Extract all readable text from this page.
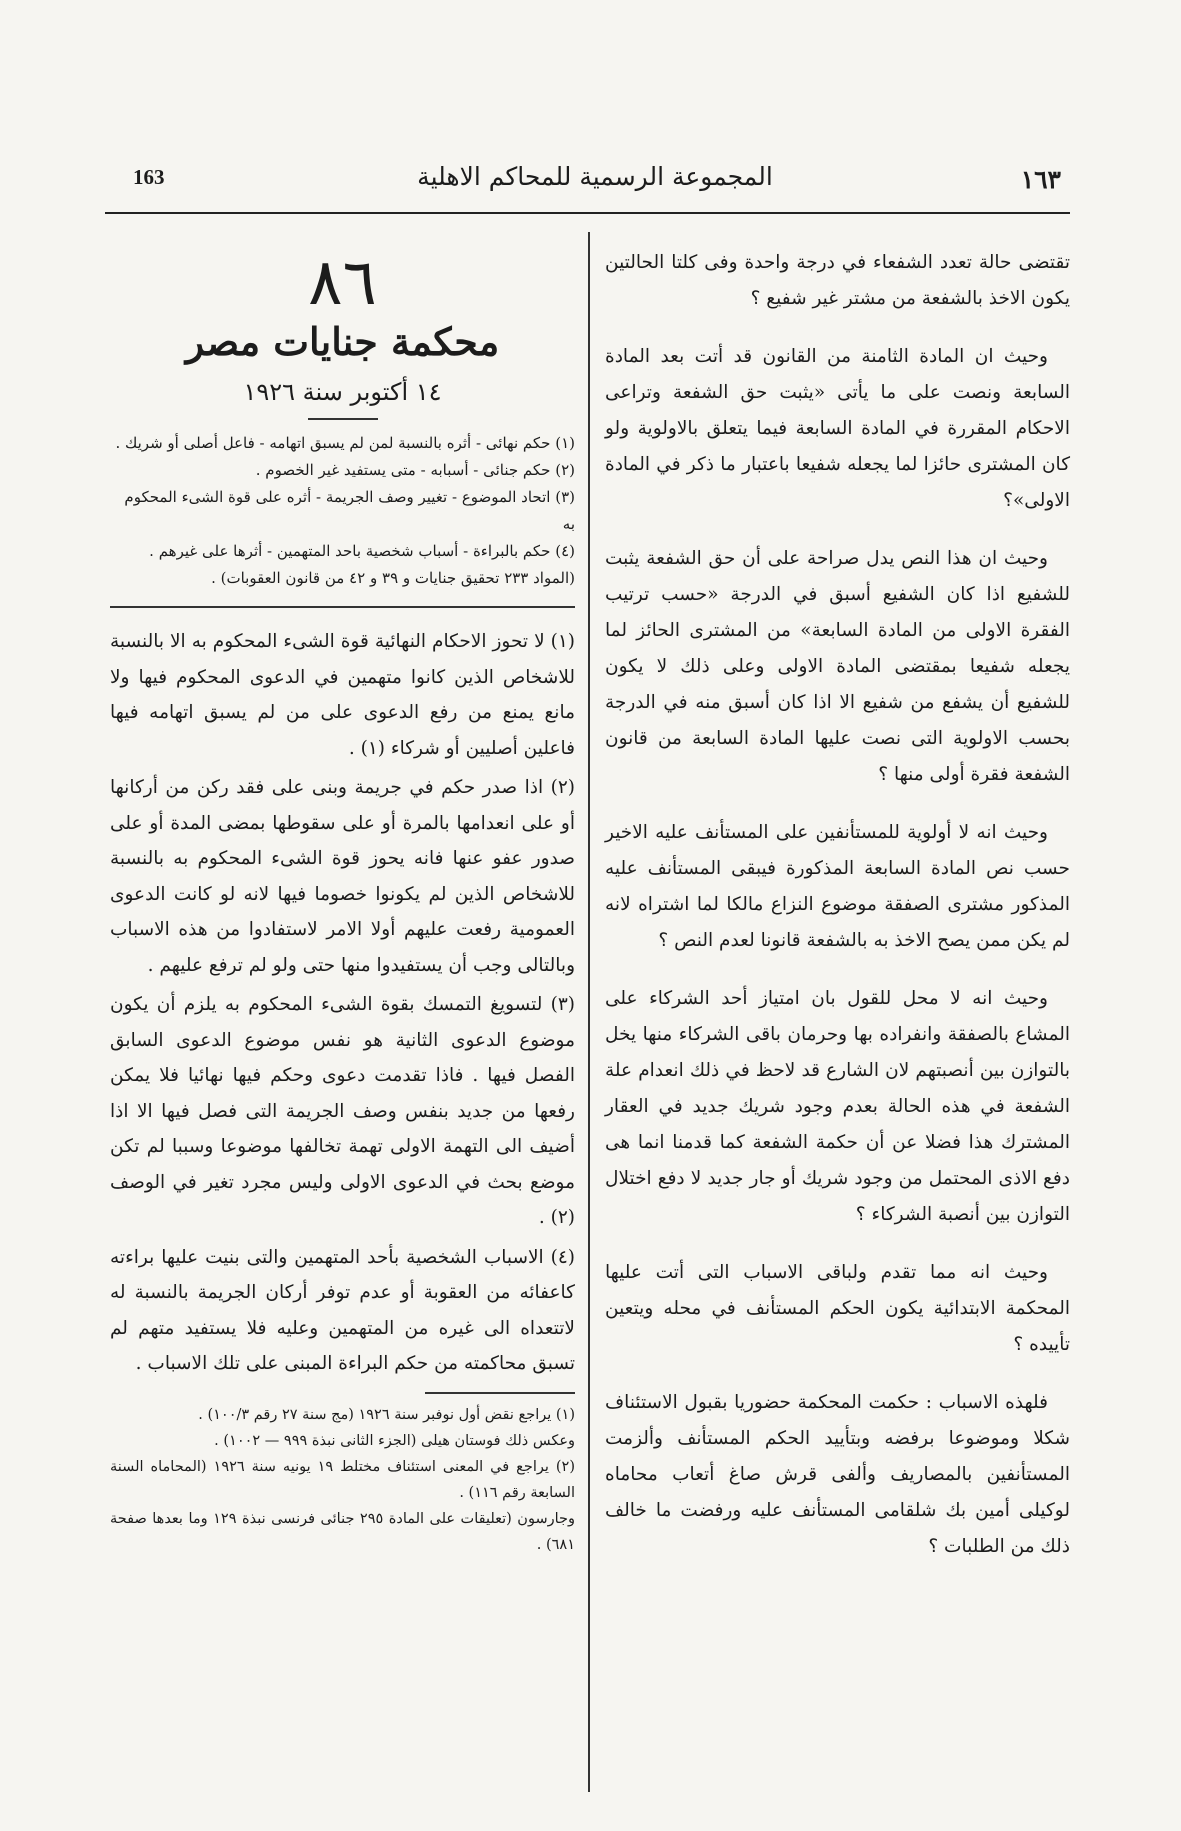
163	المجموعة الرسمية للمحاكم الاهلية	١٦٣

تقتضى حالة تعدد الشفعاء في درجة واحدة وفى كلتا الحالتين يكون الاخذ بالشفعة من مشتر غير شفيع ؟

وحيث ان المادة الثامنة من القانون قد أتت بعد المادة السابعة ونصت على ما يأتى «يثبت حق الشفعة وتراعى الاحكام المقررة في المادة السابعة فيما يتعلق بالاولوية ولو كان المشترى حائزا لما يجعله شفيعا باعتبار ما ذكر في المادة الاولى»؟

وحيث ان هذا النص يدل صراحة على أن حق الشفعة يثبت للشفيع اذا كان الشفيع أسبق في الدرجة «حسب ترتيب الفقرة الاولى من المادة السابعة» من المشترى الحائز لما يجعله شفيعا بمقتضى المادة الاولى وعلى ذلك لا يكون للشفيع أن يشفع من شفيع الا اذا كان أسبق منه في الدرجة بحسب الاولوية التى نصت عليها المادة السابعة من قانون الشفعة فقرة أولى منها ؟

وحيث انه لا أولوية للمستأنفين على المستأنف عليه الاخير حسب نص المادة السابعة المذكورة فيبقى المستأنف عليه المذكور مشترى الصفقة موضوع النزاع مالكا لما اشتراه لانه لم يكن ممن يصح الاخذ به بالشفعة قانونا لعدم النص ؟

وحيث انه لا محل للقول بان امتياز أحد الشركاء على المشاع بالصفقة وانفراده بها وحرمان باقى الشركاء منها يخل بالتوازن بين أنصبتهم لان الشارع قد لاحظ في ذلك انعدام علة الشفعة في هذه الحالة بعدم وجود شريك جديد في العقار المشترك هذا فضلا عن أن حكمة الشفعة كما قدمنا انما هى دفع الاذى المحتمل من وجود شريك أو جار جديد لا دفع اختلال التوازن بين أنصبة الشركاء ؟

وحيث انه مما تقدم ولباقى الاسباب التى أتت عليها المحكمة الابتدائية يكون الحكم المستأنف في محله ويتعين تأييده ؟

فلهذه الاسباب : حكمت المحكمة حضوريا بقبول الاستئناف شكلا وموضوعا برفضه وبتأييد الحكم المستأنف وألزمت المستأنفين بالمصاريف وألفى قرش صاغ أتعاب محاماه لوكيلى أمين بك شلقامى المستأنف عليه ورفضت ما خالف ذلك من الطلبات ؟

٨٦
محكمة جنايات مصر
١٤ أكتوبر سنة ١٩٢٦

(١) حكم نهائى - أثره بالنسبة لمن لم يسبق اتهامه - فاعل أصلى أو شريك .

(٢) حكم جنائى - أسبابه - متى يستفيد غير الخصوم .

(٣) اتحاد الموضوع - تغيير وصف الجريمة - أثره على قوة الشىء المحكوم به

(٤) حكم بالبراءة - أسباب شخصية باحد المتهمين - أثرها على غيرهم .

(المواد ٢٣٣ تحقيق جنايات و ٣٩ و ٤٢ من قانون العقوبات) .

(١) لا تحوز الاحكام النهائية قوة الشىء المحكوم به الا بالنسبة للاشخاص الذين كانوا متهمين في الدعوى المحكوم فيها ولا مانع يمنع من رفع الدعوى على من لم يسبق اتهامه فيها فاعلين أصليين أو شركاء (١) .

(٢) اذا صدر حكم في جريمة وبنى على فقد ركن من أركانها أو على انعدامها بالمرة أو على سقوطها بمضى المدة أو على صدور عفو عنها فانه يحوز قوة الشىء المحكوم به بالنسبة للاشخاص الذين لم يكونوا خصوما فيها لانه لو كانت الدعوى العمومية رفعت عليهم أولا الامر لاستفادوا من هذه الاسباب وبالتالى وجب أن يستفيدوا منها حتى ولو لم ترفع عليهم .

(٣) لتسويغ التمسك بقوة الشىء المحكوم به يلزم أن يكون موضوع الدعوى الثانية هو نفس موضوع الدعوى السابق الفصل فيها . فاذا تقدمت دعوى وحكم فيها نهائيا فلا يمكن رفعها من جديد بنفس وصف الجريمة التى فصل فيها الا اذا أضيف الى التهمة الاولى تهمة تخالفها موضوعا وسببا لم تكن موضع بحث في الدعوى الاولى وليس مجرد تغير في الوصف (٢) .

(٤) الاسباب الشخصية بأحد المتهمين والتى بنيت عليها براءته كاعفائه من العقوبة أو عدم توفر أركان الجريمة بالنسبة له لاتتعداه الى غيره من المتهمين وعليه فلا يستفيد متهم لم تسبق محاكمته من حكم البراءة المبنى على تلك الاسباب .

(١) يراجع نقض أول نوفبر سنة ١٩٢٦ (مج سنة ٢٧ رقم ١٠٠/٣) .

وعكس ذلك فوستان هيلى (الجزء الثانى نبذة ٩٩٩ — ١٠٠٢) .

(٢) يراجع في المعنى استئناف مختلط ١٩ يونيه سنة ١٩٢٦ (المحاماه السنة السابعة رقم ١١٦) .

وجارسون (تعليقات على المادة ٢٩٥ جنائى فرنسى نبذة ١٢٩ وما بعدها صفحة ٦٨١) .
